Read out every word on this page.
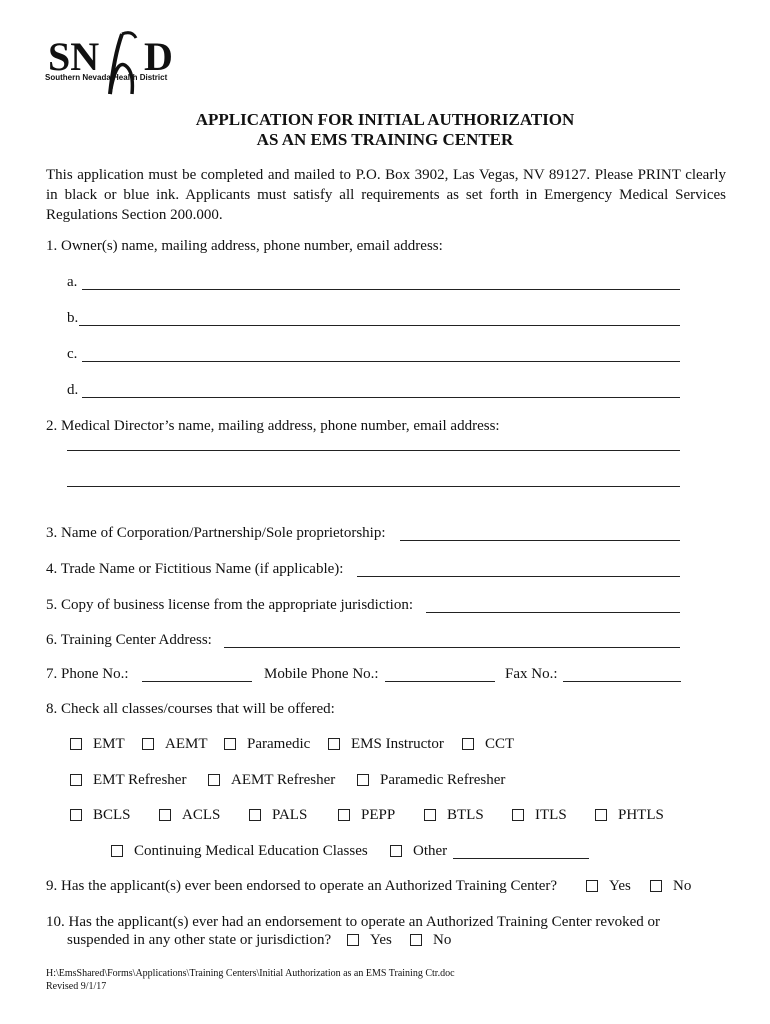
SN D
Southern Nevada Health District
APPLICATION FOR INITIAL AUTHORIZATION
AS AN EMS TRAINING CENTER
This application must be completed and mailed to P.O. Box 3902, Las Vegas, NV 89127. Please PRINT clearly in black or blue ink. Applicants must satisfy all requirements as set forth in Emergency Medical Services Regulations Section 200.000.
1. Owner(s) name, mailing address, phone number, email address:
a.
b.
c.
d.
2. Medical Director’s name, mailing address, phone number, email address:
3. Name of Corporation/Partnership/Sole proprietorship:
4. Trade Name or Fictitious Name (if applicable):
5. Copy of business license from the appropriate jurisdiction:
6. Training Center Address:
7. Phone No.:	Mobile Phone No.:	Fax No.:
8. Check all classes/courses that will be offered:
EMT	AEMT	Paramedic	EMS Instructor	CCT
EMT Refresher	AEMT Refresher	Paramedic Refresher
BCLS	ACLS	PALS	PEPP	BTLS	ITLS	PHTLS
Continuing Medical Education Classes	Other
9. Has the applicant(s) ever been endorsed to operate an Authorized Training Center?	Yes	No
10. Has the applicant(s) ever had an endorsement to operate an Authorized Training Center revoked or
suspended in any other state or jurisdiction?	Yes	No
H:\EmsShared\Forms\Applications\Training Centers\Initial Authorization as an EMS Training Ctr.doc
Revised 9/1/17
